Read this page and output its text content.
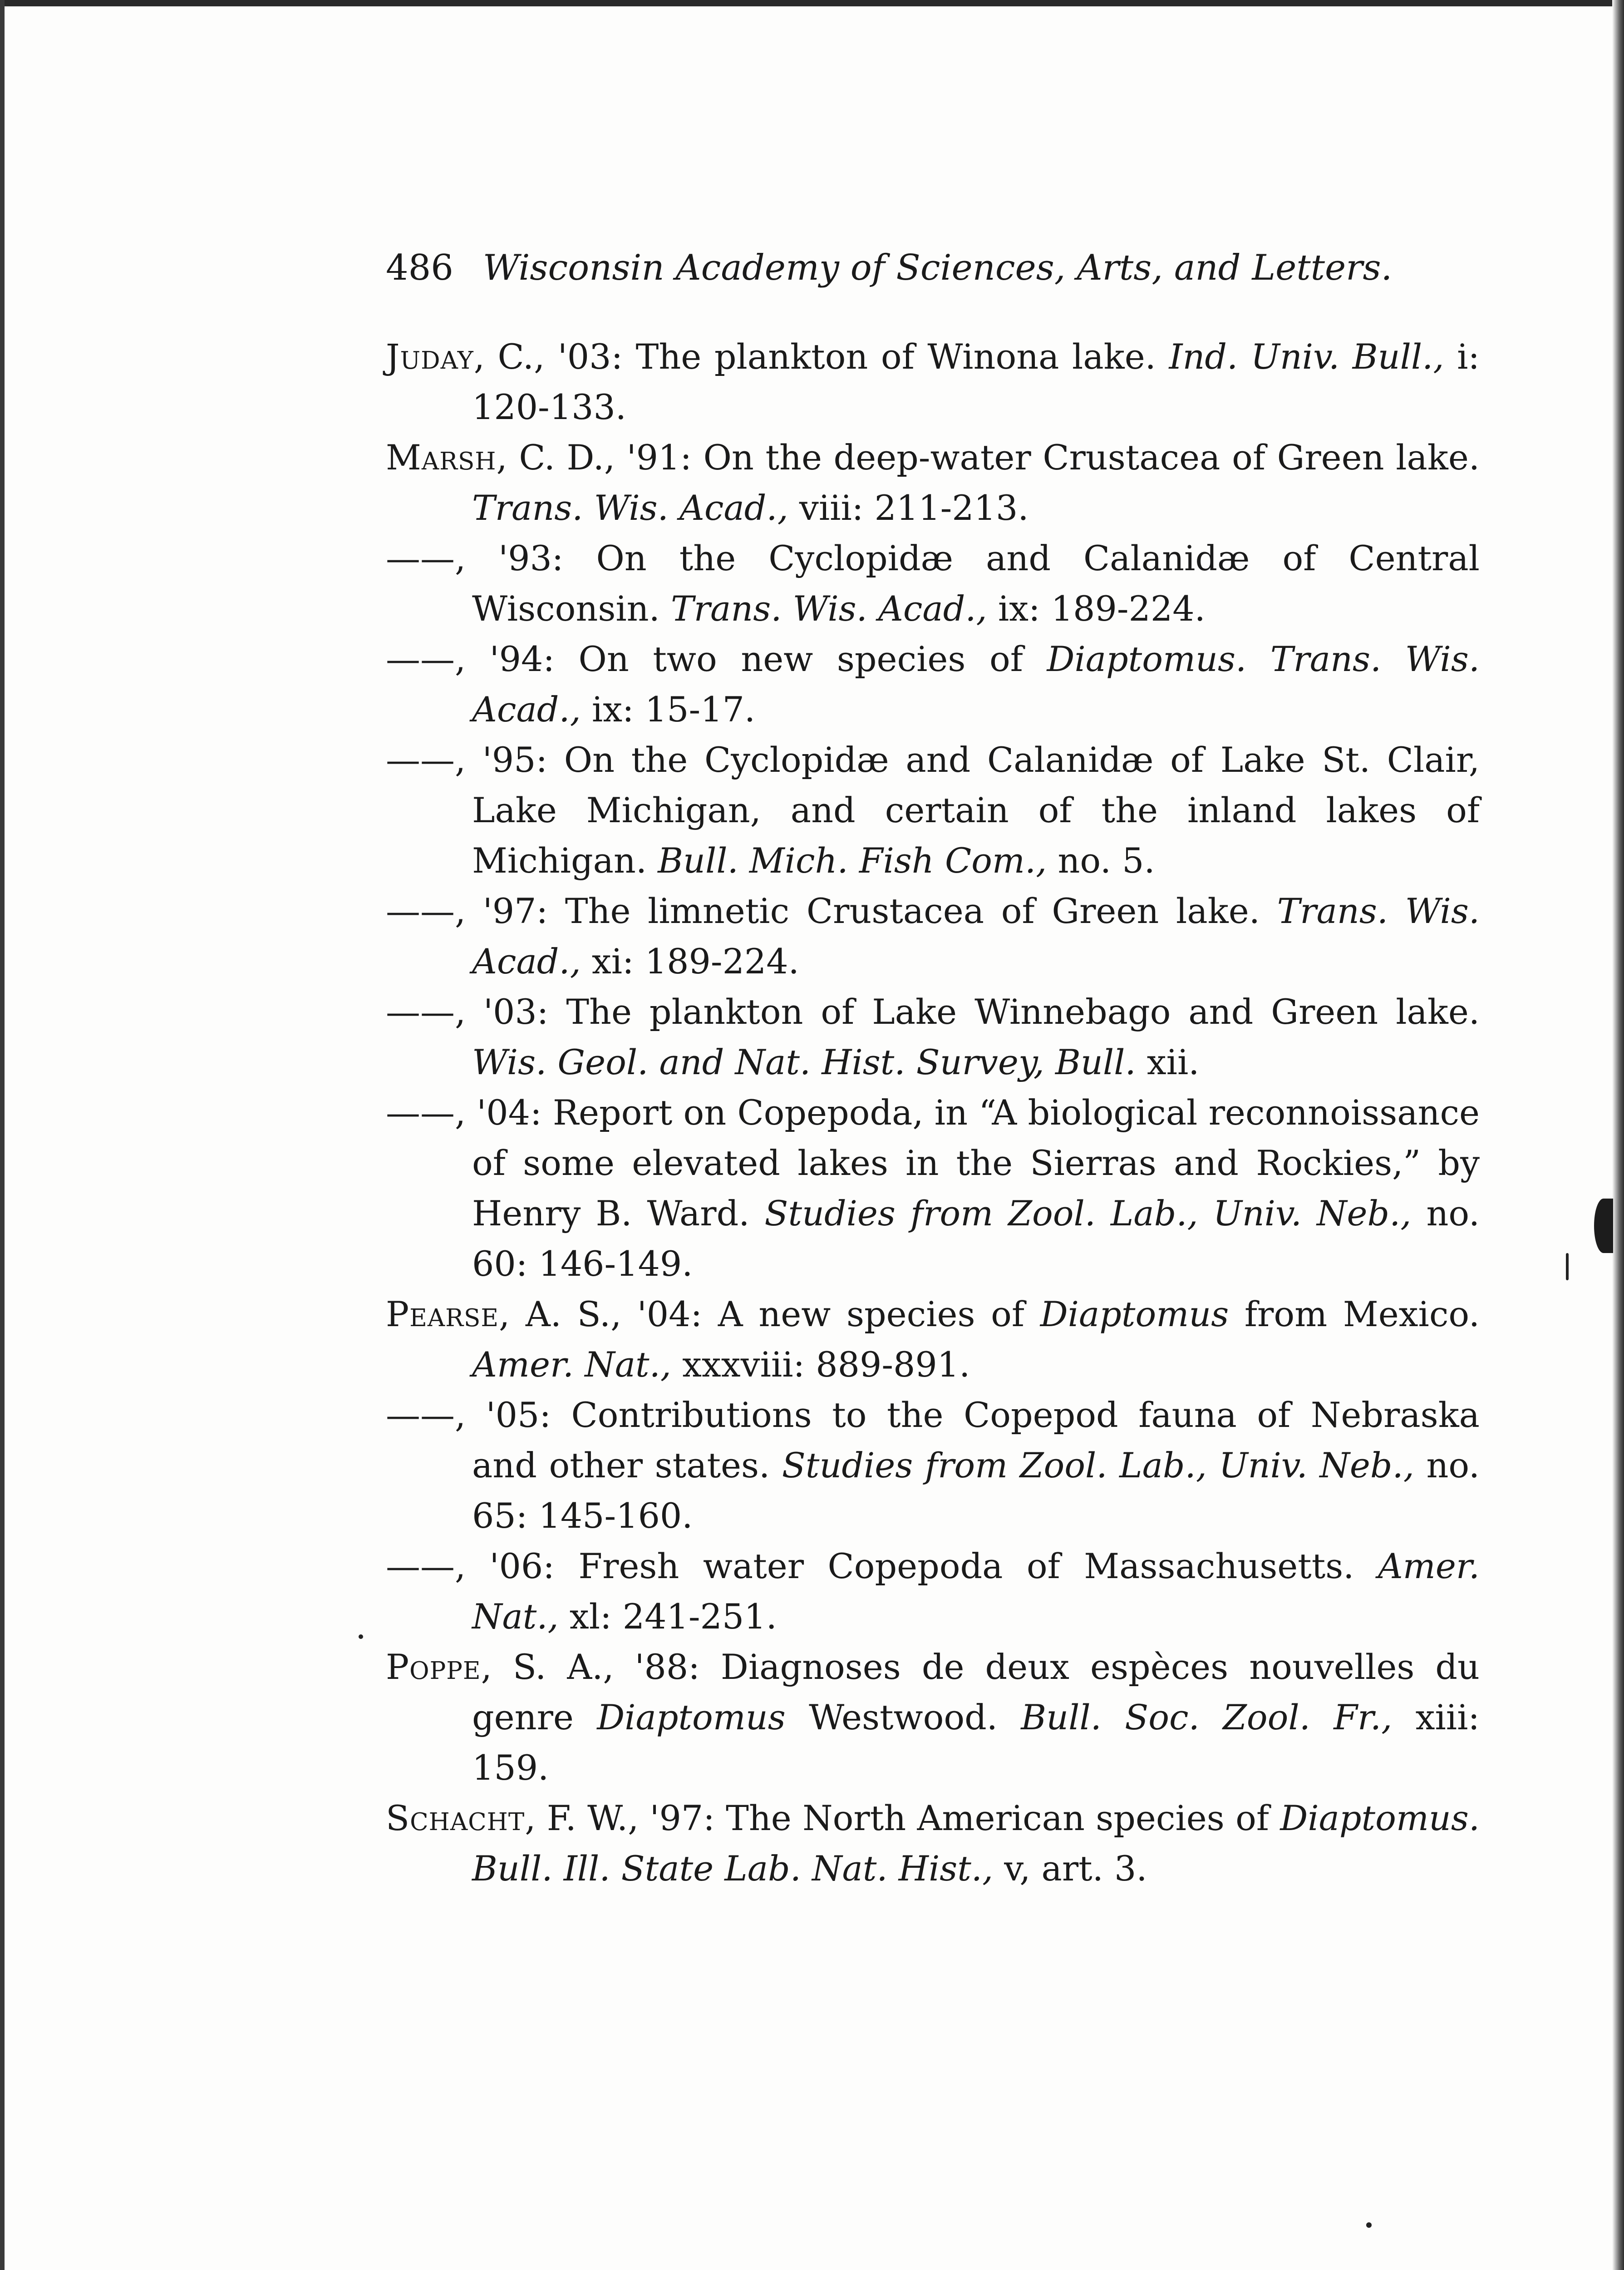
486 Wisconsin Academy of Sciences, Arts, and Letters.

Juday, C., '03: The plankton of Winona lake. Ind. Univ. Bull., i: 120-133.

Marsh, C. D., '91: On the deep-water Crustacea of Green lake. Trans. Wis. Acad., viii: 211-213.

——, '93: On the Cyclopidæ and Calanidæ of Central Wisconsin. Trans. Wis. Acad., ix: 189-224.

——, '94: On two new species of Diaptomus. Trans. Wis. Acad., ix: 15-17.

——, '95: On the Cyclopidæ and Calanidæ of Lake St. Clair, Lake Michigan, and certain of the inland lakes of Michigan. Bull. Mich. Fish Com., no. 5.

——, '97: The limnetic Crustacea of Green lake. Trans. Wis. Acad., xi: 189-224.

——, '03: The plankton of Lake Winnebago and Green lake. Wis. Geol. and Nat. Hist. Survey, Bull. xii.

——, '04: Report on Copepoda, in “A biological reconnoissance of some elevated lakes in the Sierras and Rockies,” by Henry B. Ward. Studies from Zool. Lab., Univ. Neb., no. 60: 146-149.

Pearse, A. S., '04: A new species of Diaptomus from Mexico. Amer. Nat., xxxviii: 889-891.

——, '05: Contributions to the Copepod fauna of Nebraska and other states. Studies from Zool. Lab., Univ. Neb., no. 65: 145-160.

——, '06: Fresh water Copepoda of Massachusetts. Amer. Nat., xl: 241-251.

Poppe, S. A., '88: Diagnoses de deux espèces nouvelles du genre Diaptomus Westwood. Bull. Soc. Zool. Fr., xiii: 159.

Schacht, F. W., '97: The North American species of Diaptomus. Bull. Ill. State Lab. Nat. Hist., v, art. 3.
